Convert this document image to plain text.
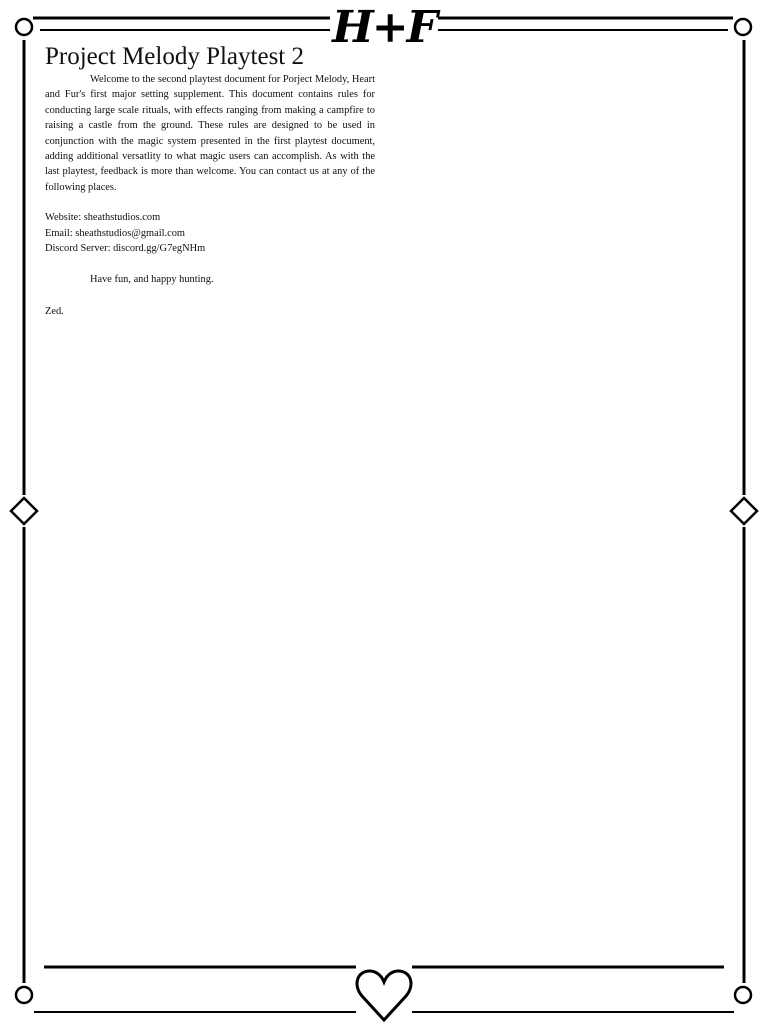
H+F
Project Melody Playtest 2

Welcome to the second playtest document for Porject Melody, Heart and Fur's first major setting supplement. This document contains rules for conducting large scale rituals, with effects ranging from making a campfire to raising a castle from the ground. These rules are designed to be used in conjunction with the magic system presented in the first playtest document, adding additional versatlity to what magic users can accomplish. As with the last playtest, feedback is more than welcome. You can contact us at any of the following places.

Website: sheathstudios.com
Email: sheathstudios@gmail.com
Discord Server: discord.gg/G7egNHm

Have fun, and happy hunting.

Zed.
